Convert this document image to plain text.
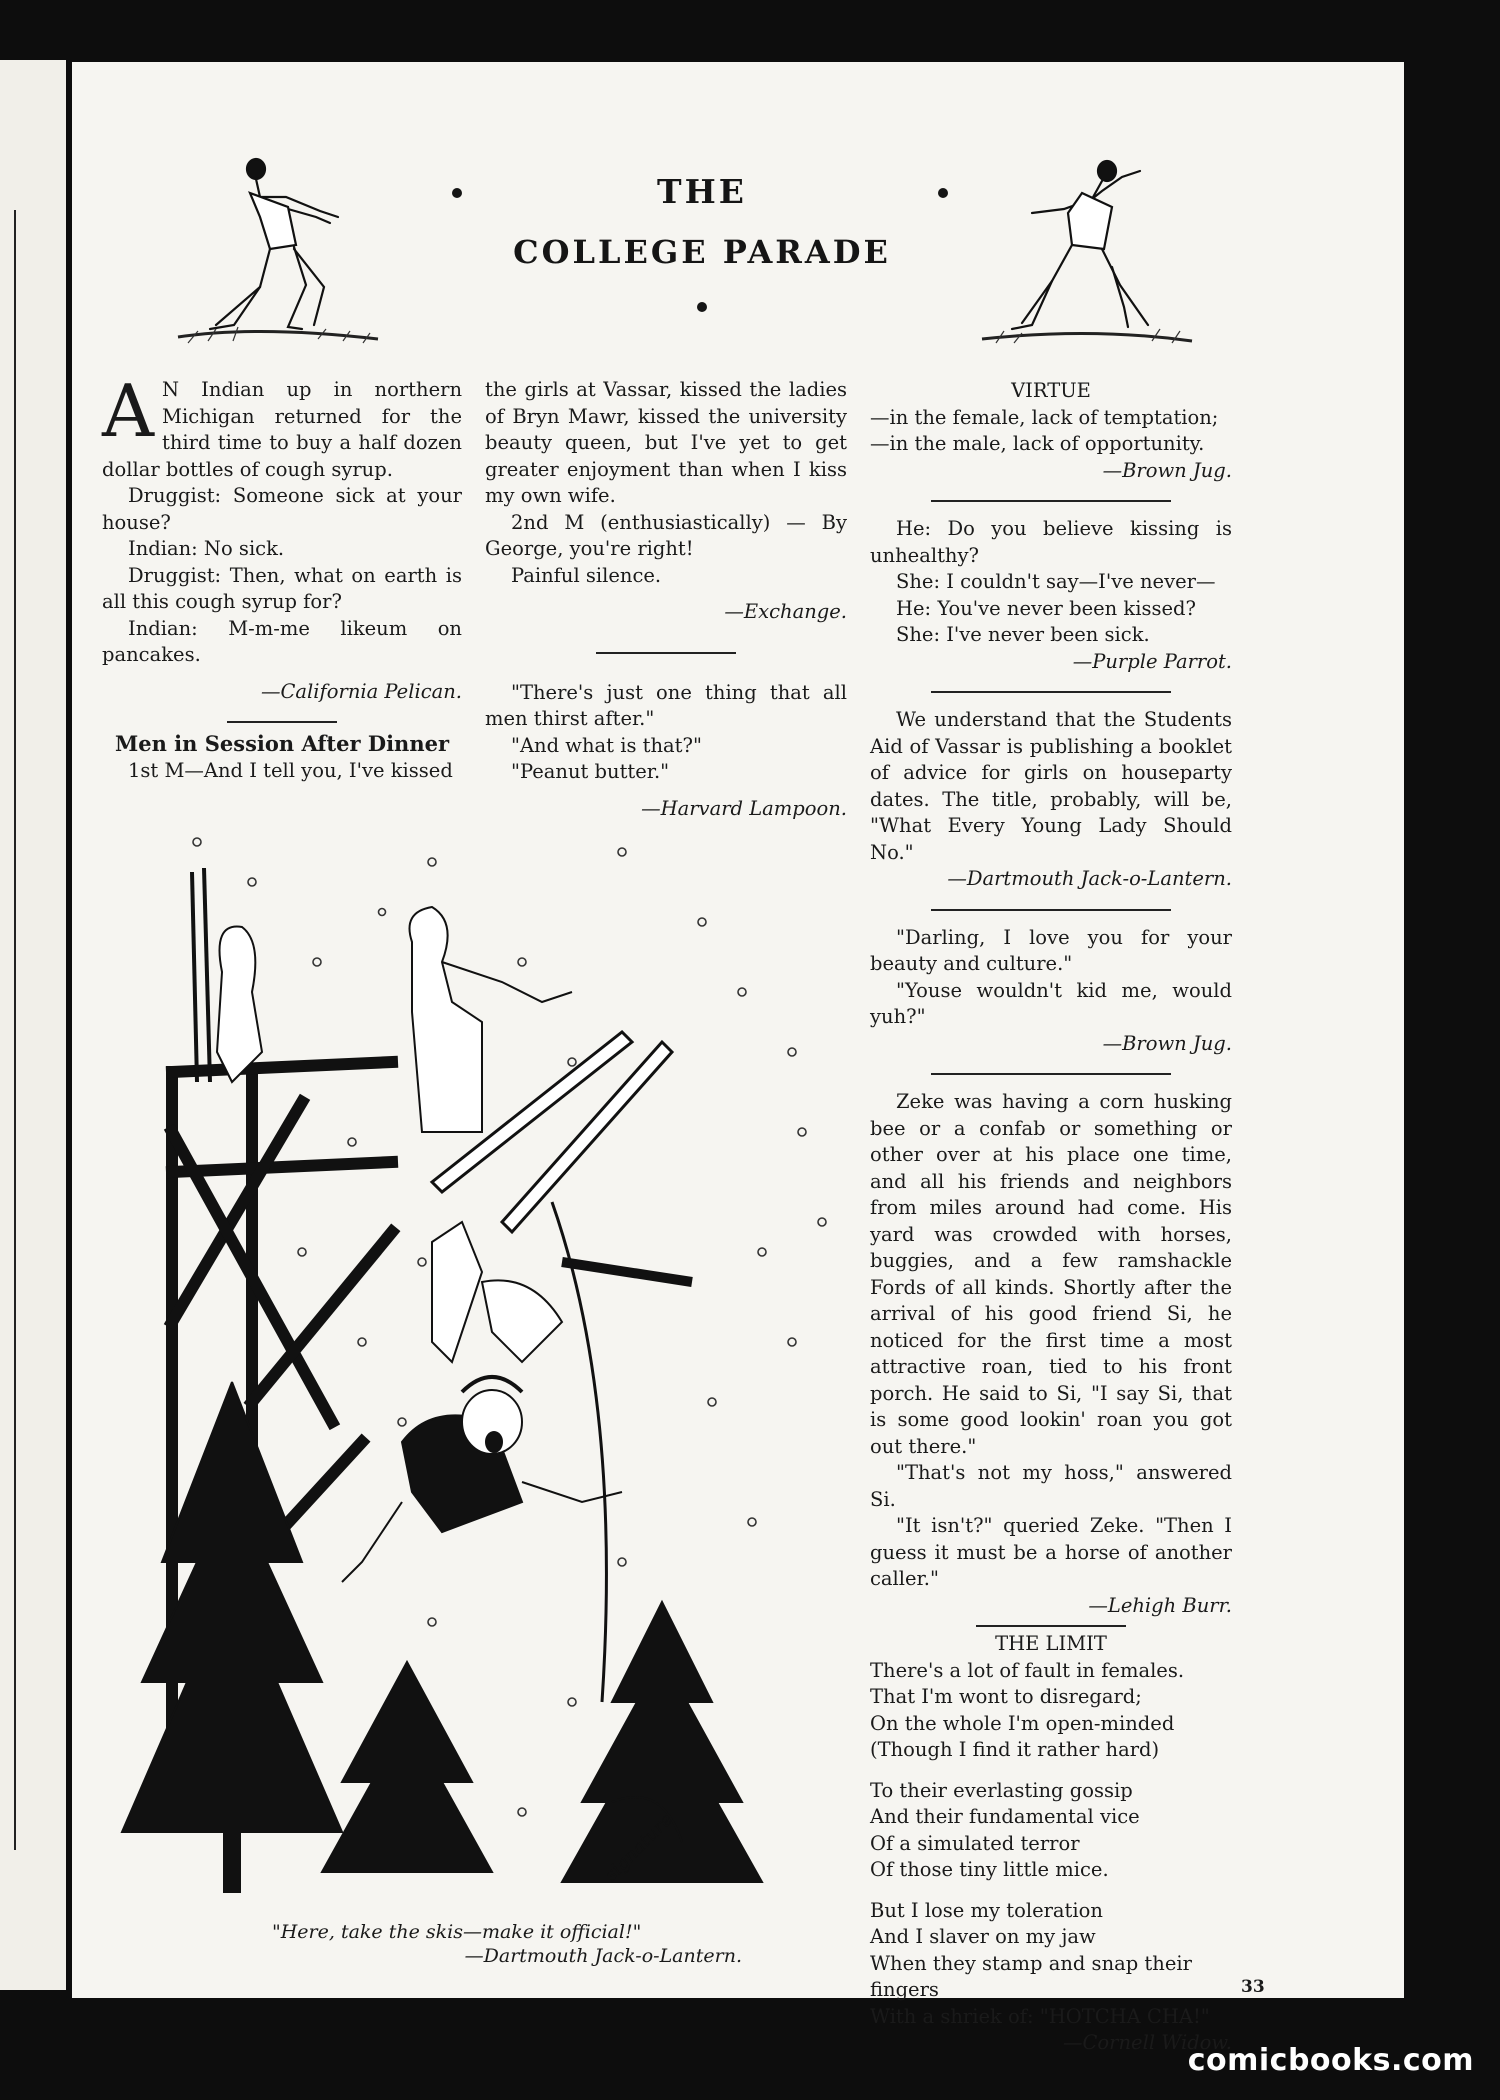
THE
COLLEGE PARADE

A N Indian up in northern Michigan returned for the third time to buy a half dozen dollar bottles of cough syrup.

Druggist: Someone sick at your house?

Indian: No sick.

Druggist: Then, what on earth is all this cough syrup for?

Indian: M-m-me likeum on pancakes.

—California Pelican.

Men in Session After Dinner

1st M—And I tell you, I've kissed

the girls at Vassar, kissed the ladies of Bryn Mawr, kissed the university beauty queen, but I've yet to get greater enjoyment than when I kiss my own wife.

2nd M (enthusiastically) — By George, you're right!

Painful silence.

—Exchange.

"There's just one thing that all men thirst after."

"And what is that?"

"Peanut butter."

—Harvard Lampoon.

VIRTUE

—in the female, lack of temptation;

—in the male, lack of opportunity.

—Brown Jug.

He: Do you believe kissing is unhealthy?

She: I couldn't say—I've never—

He: You've never been kissed?

She: I've never been sick.

—Purple Parrot.

We understand that the Students Aid of Vassar is publishing a booklet of advice for girls on houseparty dates. The title, probably, will be, "What Every Young Lady Should No."

—Dartmouth Jack-o-Lantern.

"Darling, I love you for your beauty and culture."

"Youse wouldn't kid me, would yuh?"

—Brown Jug.

Zeke was having a corn husking bee or a confab or something or other over at his place one time, and all his friends and neighbors from miles around had come. His yard was crowded with horses, buggies, and a few ramshackle Fords of all kinds. Shortly after the arrival of his good friend Si, he noticed for the first time a most attractive roan, tied to his front porch. He said to Si, "I say Si, that is some good lookin' roan you got out there."

"That's not my hoss," answered Si.

"It isn't?" queried Zeke. "Then I guess it must be a horse of another caller."

—Lehigh Burr.

THE LIMIT

There's a lot of fault in females.

That I'm wont to disregard;

On the whole I'm open-minded

(Though I find it rather hard)

To their everlasting gossip

And their fundamental vice

Of a simulated terror

Of those tiny little mice.

But I lose my toleration

And I slaver on my jaw

When they stamp and snap their fingers

With a shriek of: "HOTCHA CHA!"

—Cornell Widow.

signature
"Here, take the skis—make it official!"
—Dartmouth Jack-o-Lantern.
33
comicbooks.com
